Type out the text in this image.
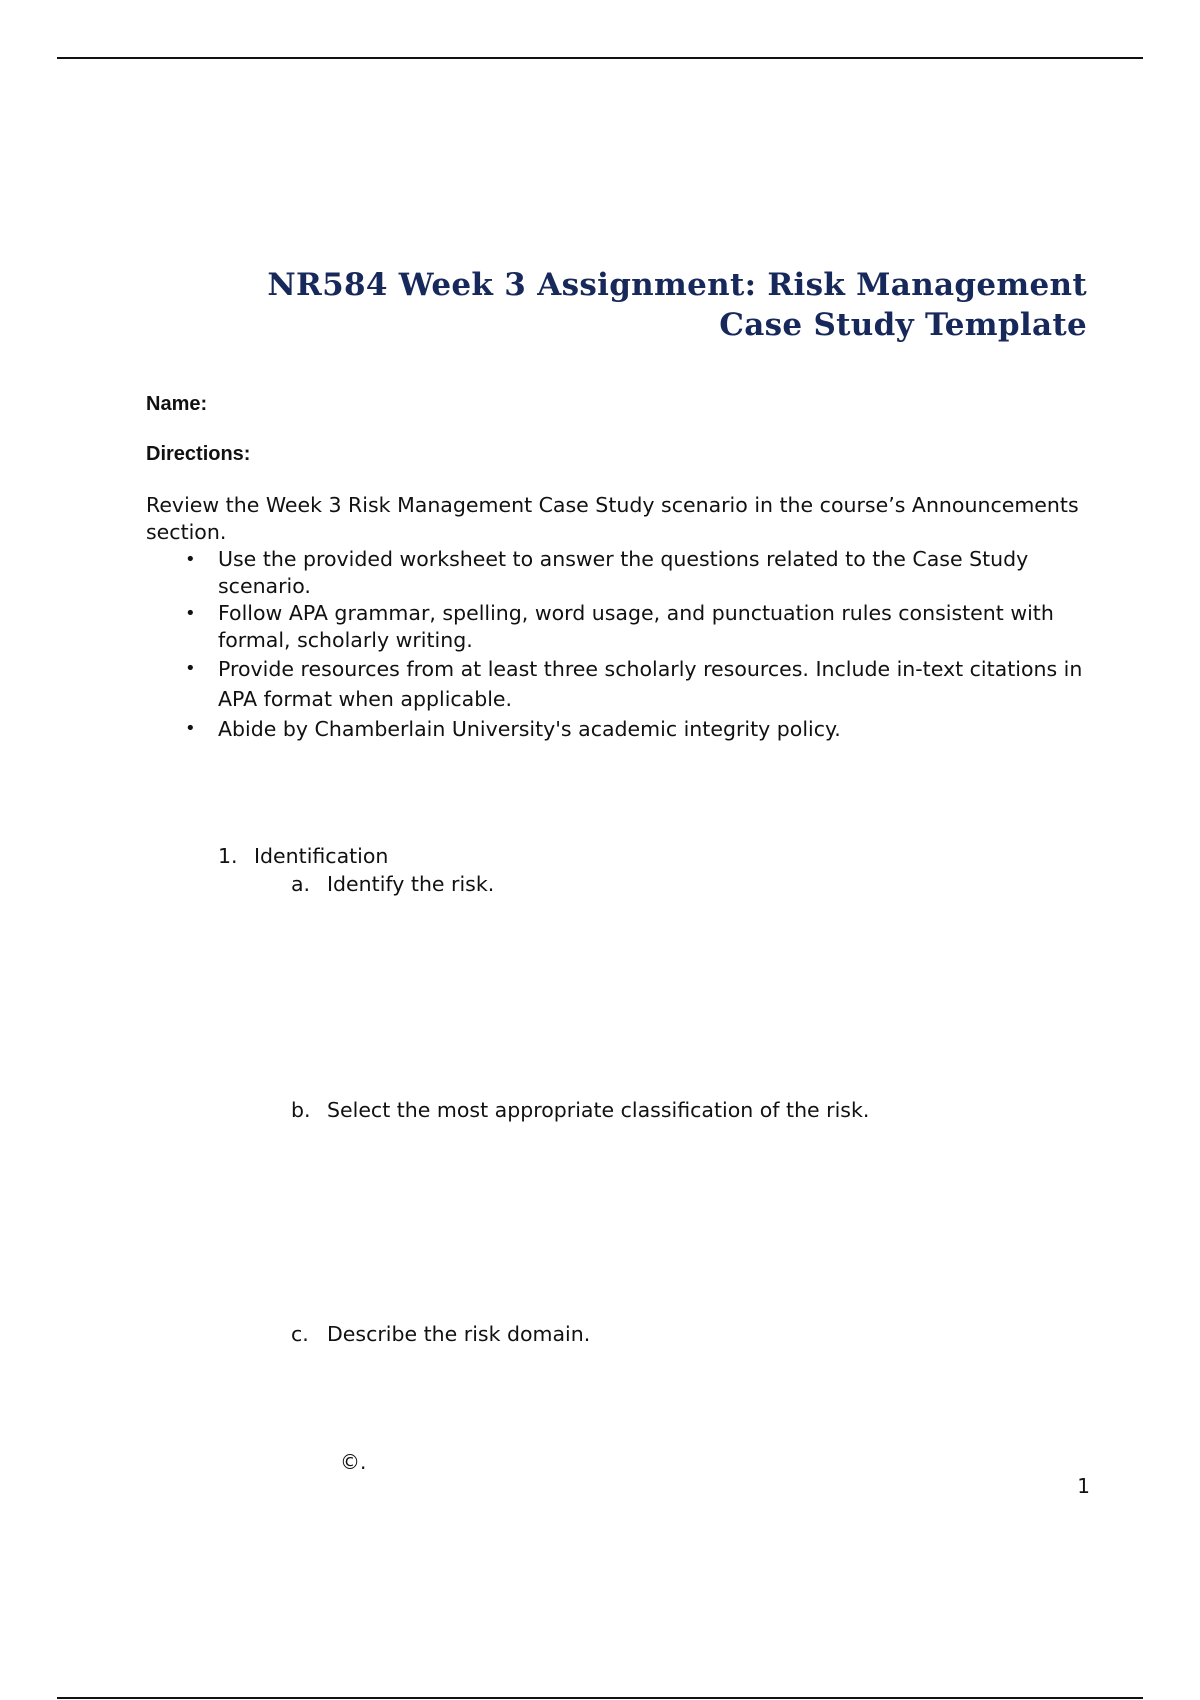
NR584 Week 3 Assignment: Risk Management
Case Study Template

Name:

Directions:

Review the Week 3 Risk Management Case Study scenario in the course’s Announcements section.

• Use the provided worksheet to answer the questions related to the Case Study scenario.
• Follow APA grammar, spelling, word usage, and punctuation rules consistent with formal, scholarly writing.
• Provide resources from at least three scholarly resources. Include in-text citations in APA format when applicable.
• Abide by Chamberlain University's academic integrity policy.

1. Identification

a. Identify the risk.

b. Select the most appropriate classification of the risk.

c. Describe the risk domain.

©.

1
